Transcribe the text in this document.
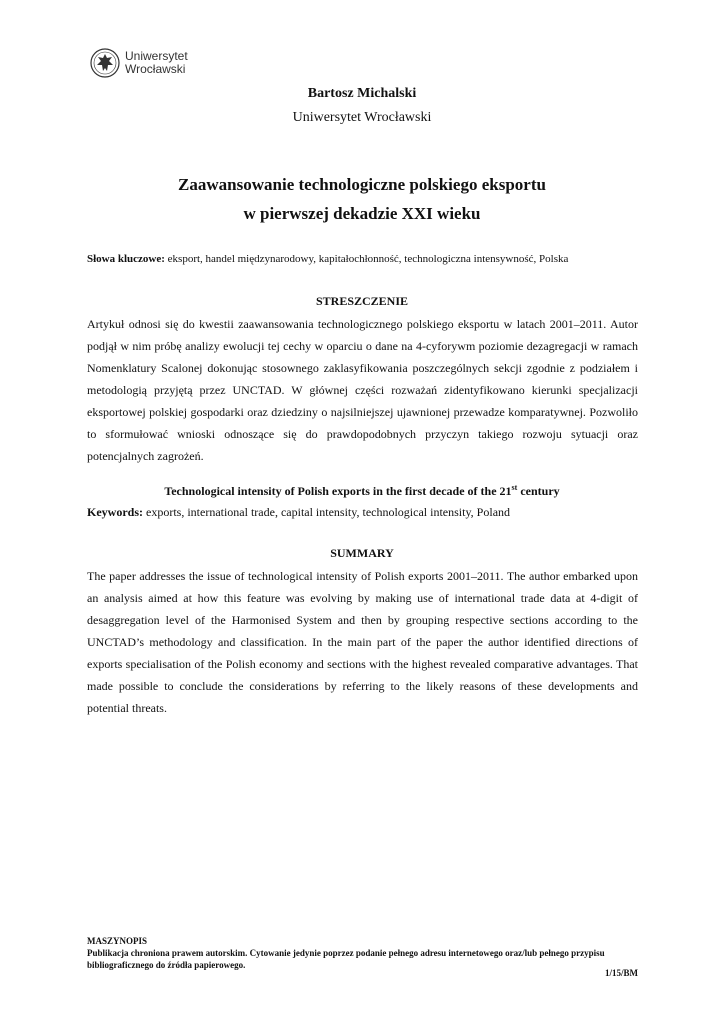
Uniwersytet
Wrocławski
Bartosz Michalski
Uniwersytet Wrocławski
Zaawansowanie technologiczne polskiego eksportu
w pierwszej dekadzie XXI wieku
Słowa kluczowe: eksport, handel międzynarodowy, kapitałochłonność, technologiczna intensywność, Polska
STRESZCZENIE

Artykuł odnosi się do kwestii zaawansowania technologicznego polskiego eksportu w latach 2001–2011. Autor podjął w nim próbę analizy ewolucji tej cechy w oparciu o dane na 4-cyforywm poziomie dezagregacji w ramach Nomenklatury Scalonej dokonując stosownego zaklasyfikowania poszczególnych sekcji zgodnie z podziałem i metodologią przyjętą przez UNCTAD. W głównej części rozważań zidentyfikowano kierunki specjalizacji eksportowej polskiej gospodarki oraz dziedziny o najsilniejszej ujawnionej przewadze komparatywnej. Pozwoliło to sformułować wnioski odnoszące się do prawdopodobnych przyczyn takiego rozwoju sytuacji oraz potencjalnych zagrożeń.

Technological intensity of Polish exports in the first decade of the 21st century
Keywords: exports, international trade, capital intensity, technological intensity, Poland
SUMMARY

The paper addresses the issue of technological intensity of Polish exports 2001–2011. The author embarked upon an analysis aimed at how this feature was evolving by making use of international trade data at 4-digit of desaggregation level of the Harmonised System and then by grouping respective sections according to the UNCTAD’s methodology and classification. In the main part of the paper the author identified directions of exports specialisation of the Polish economy and sections with the highest revealed comparative advantages. That made possible to conclude the considerations by referring to the likely reasons of these developments and potential threats.

MASZYNOPIS
Publikacja chroniona prawem autorskim. Cytowanie jedynie poprzez podanie pełnego adresu internetowego oraz/lub pełnego przypisu bibliograficznego do źródła papierowego.
1/15/BM
